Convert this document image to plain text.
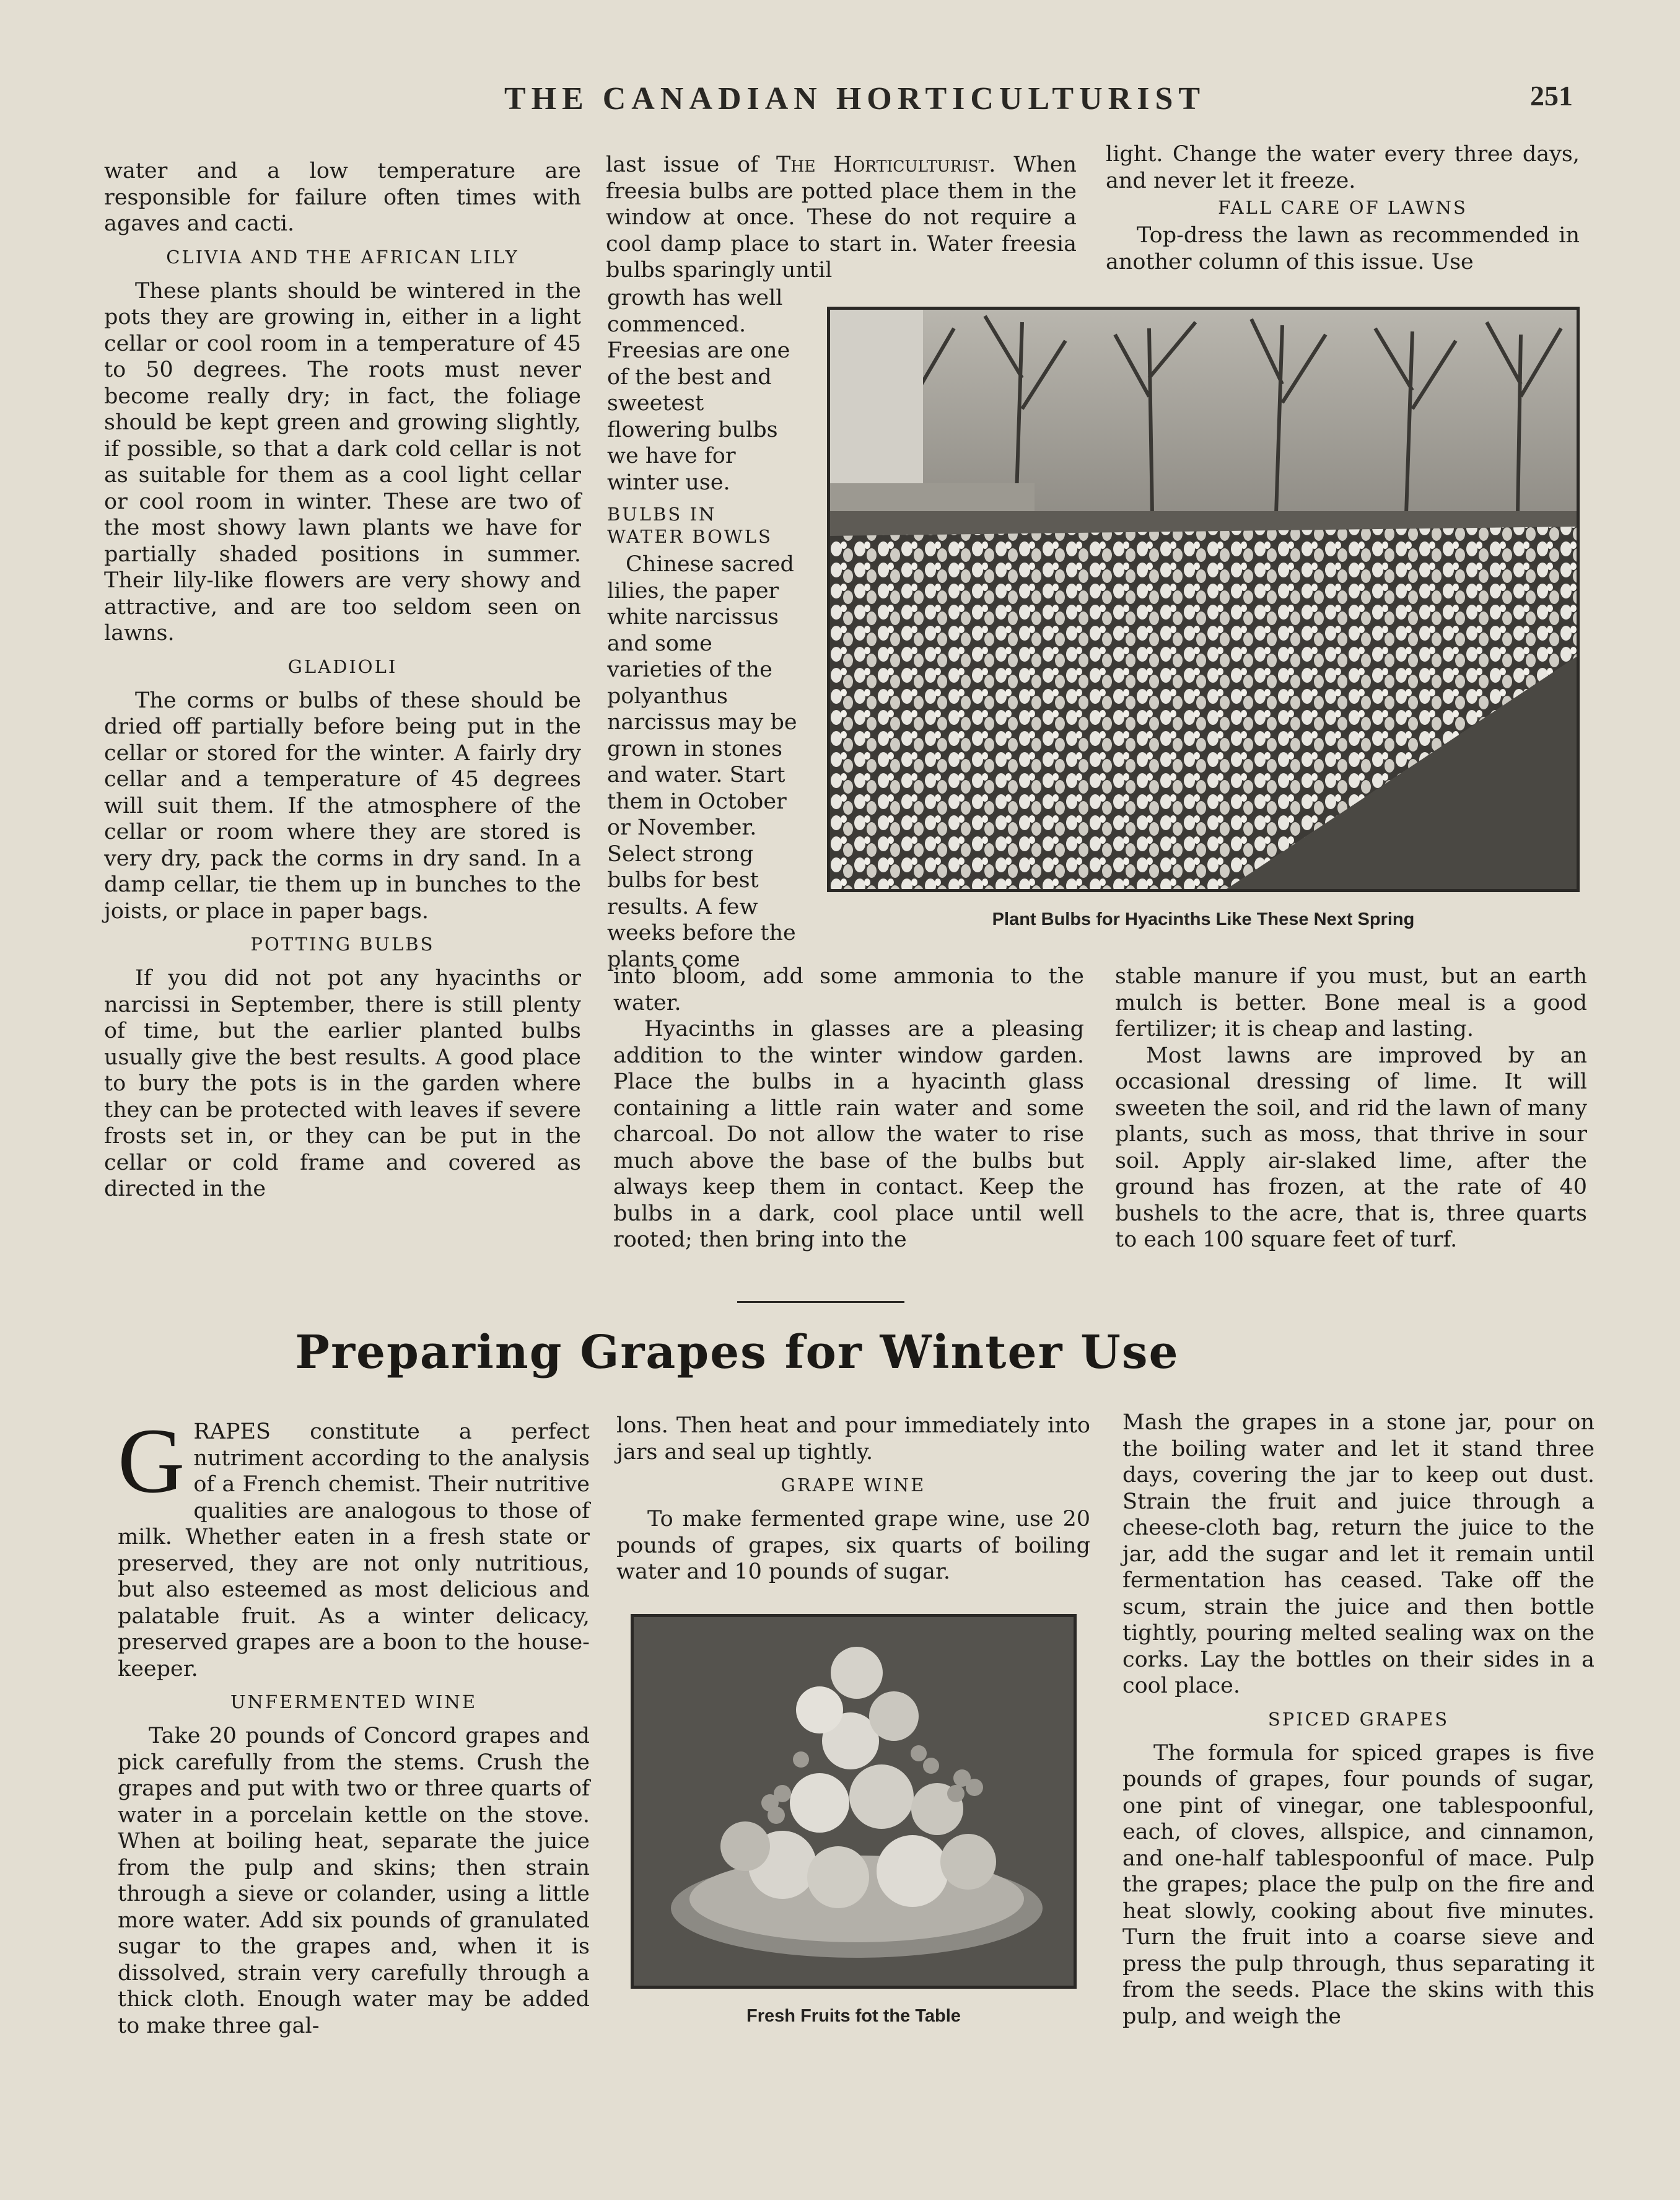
THE CANADIAN HORTICULTURIST	251

water and a low temperature are responsible for failure often times with agaves and cacti.

CLIVIA AND THE AFRICAN LILY

These plants should be wintered in the pots they are growing in, either in a light cellar or cool room in a temperature of 45 to 50 degrees. The roots must never become really dry; in fact, the foliage should be kept green and growing slightly, if possible, so that a dark cold cellar is not as suitable for them as a cool light cellar or cool room in winter. These are two of the most showy lawn plants we have for partially shaded positions in summer. Their lily-like flowers are very showy and attractive, and are too seldom seen on lawns.

GLADIOLI

The corms or bulbs of these should be dried off partially before being put in the cellar or stored for the winter. A fairly dry cellar and a temperature of 45 degrees will suit them. If the atmosphere of the cellar or room where they are stored is very dry, pack the corms in dry sand. In a damp cellar, tie them up in bunches to the joists, or place in paper bags.

POTTING BULBS

If you did not pot any hyacinths or narcissi in September, there is still plenty of time, but the earlier planted bulbs usually give the best results. A good place to bury the pots is in the garden where they can be protected with leaves if severe frosts set in, or they can be put in the cellar or cold frame and covered as directed in the

last issue of The Horticulturist. When freesia bulbs are potted place them in the window at once. These do not require a cool damp place to start in. Water freesia bulbs sparingly until

growth has well commenced. Freesias are one of the best and sweetest flowering bulbs we have for winter use.

BULBS IN WATER BOWLS

Chinese sacred lilies, the paper white narcissus and some varieties of the polyanthus narcissus may be grown in stones and water. Start them in October or November. Select strong bulbs for best results. A few weeks before the plants come

into bloom, add some ammonia to the water.

Hyacinths in glasses are a pleasing addition to the winter window garden. Place the bulbs in a hyacinth glass containing a little rain water and some charcoal. Do not allow the water to rise much above the base of the bulbs but always keep them in contact. Keep the bulbs in a dark, cool place until well rooted; then bring into the

light. Change the water every three days, and never let it freeze.

FALL CARE OF LAWNS

Top-dress the lawn as recommended in another column of this issue. Use

stable manure if you must, but an earth mulch is better. Bone meal is a good fertilizer; it is cheap and lasting.

Most lawns are improved by an occasional dressing of lime. It will sweeten the soil, and rid the lawn of many plants, such as moss, that thrive in sour soil. Apply air-slaked lime, after the ground has frozen, at the rate of 40 bushels to the acre, that is, three quarts to each 100 square feet of turf.

Plant Bulbs for Hyacinths Like These Next Spring
Preparing Grapes for Winter Use

GRAPES constitute a perfect nutriment according to the analysis of a French chemist. Their nutritive qualities are analogous to those of milk. Whether eaten in a fresh state or preserved, they are not only nutritious, but also esteemed as most delicious and palatable fruit. As a winter delicacy, preserved grapes are a boon to the house-keeper.

UNFERMENTED WINE

Take 20 pounds of Concord grapes and pick carefully from the stems. Crush the grapes and put with two or three quarts of water in a porcelain kettle on the stove. When at boiling heat, separate the juice from the pulp and skins; then strain through a sieve or colander, using a little more water. Add six pounds of granulated sugar to the grapes and, when it is dissolved, strain very carefully through a thick cloth. Enough water may be added to make three gal-

lons. Then heat and pour immediately into jars and seal up tightly.

GRAPE WINE

To make fermented grape wine, use 20 pounds of grapes, six quarts of boiling water and 10 pounds of sugar.

Fresh Fruits fot the Table

Mash the grapes in a stone jar, pour on the boiling water and let it stand three days, covering the jar to keep out dust. Strain the fruit and juice through a cheese-cloth bag, return the juice to the jar, add the sugar and let it remain until fermentation has ceased. Take off the scum, strain the juice and then bottle tightly, pouring melted sealing wax on the corks. Lay the bottles on their sides in a cool place.

SPICED GRAPES

The formula for spiced grapes is five pounds of grapes, four pounds of sugar, one pint of vinegar, one tablespoonful, each, of cloves, allspice, and cinnamon, and one-half tablespoonful of mace. Pulp the grapes; place the pulp on the fire and heat slowly, cooking about five minutes. Turn the fruit into a coarse sieve and press the pulp through, thus separating it from the seeds. Place the skins with this pulp, and weigh the
